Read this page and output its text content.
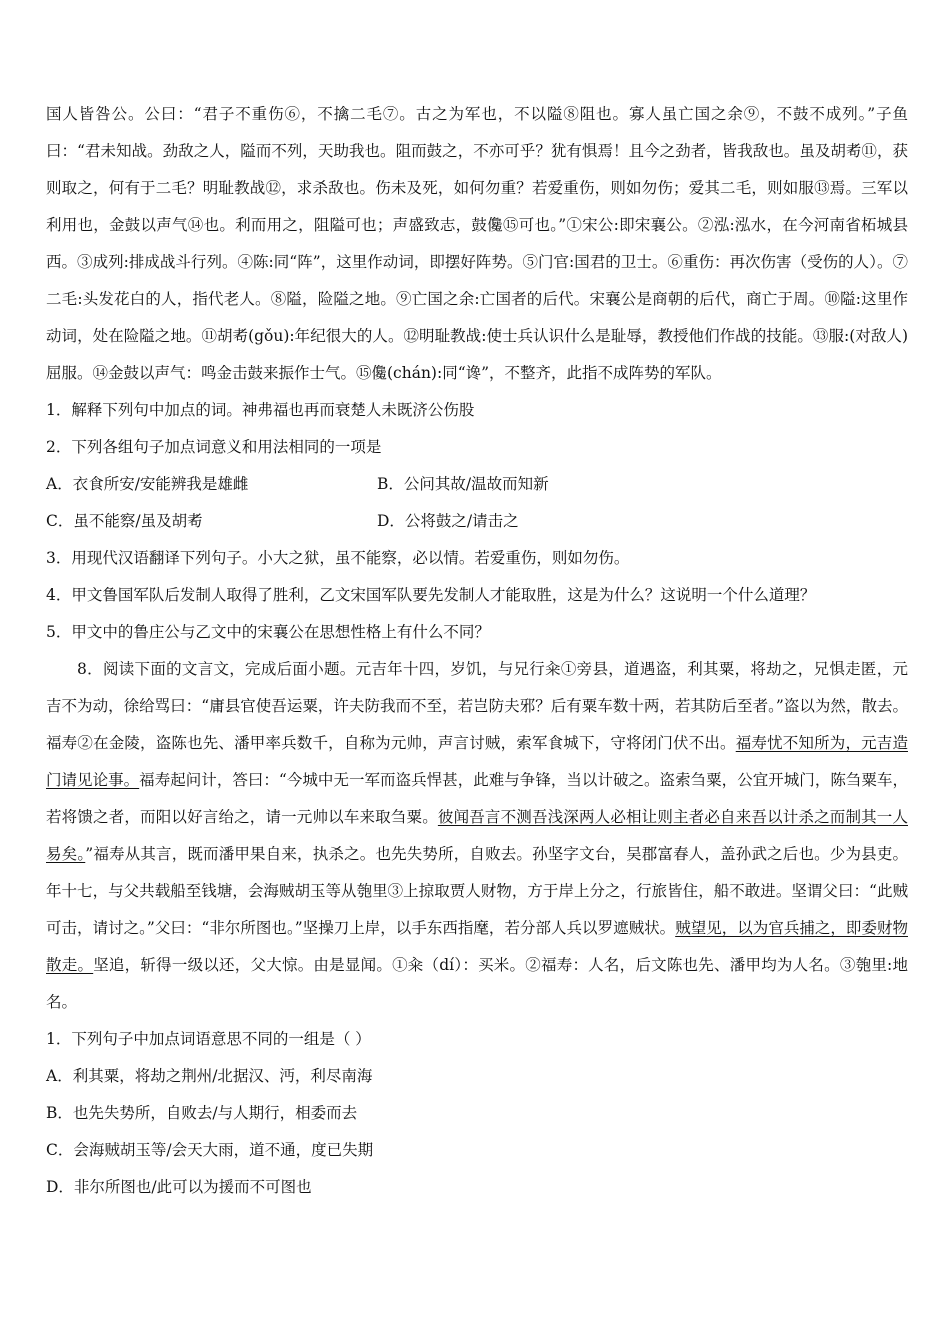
国人皆咎公。公曰：“君子不重伤⑥，不擒二毛⑦。古之为军也，不以隘⑧阻也。寡人虽亡国之余⑨，不鼓不成列。”子鱼曰：“君未知战。劲敌之人，隘而不列，天助我也。阻而鼓之，不亦可乎？犹有惧焉！且今之劲者，皆我敌也。虽及胡耇⑪，获则取之，何有于二毛？明耻教战⑫，求杀敌也。伤未及死，如何勿重？若爱重伤，则如勿伤；爱其二毛，则如服⑬焉。三军以利用也，金鼓以声气⑭也。利而用之，阻隘可也；声盛致志，鼓儳⑮可也。”①宋公:即宋襄公。②泓:泓水，在今河南省柘城县西。③成列:排成战斗行列。④陈:同“阵”，这里作动词，即摆好阵势。⑤门官:国君的卫士。⑥重伤：再次伤害（受伤的人）。⑦二毛:头发花白的人，指代老人。⑧隘，险隘之地。⑨亡国之余:亡国者的后代。宋襄公是商朝的后代，商亡于周。⑩隘:这里作动词，处在险隘之地。⑪胡耇(gǒu):年纪很大的人。⑫明耻教战:使士兵认识什么是耻辱，教授他们作战的技能。⑬服:(对敌人)屈服。⑭金鼓以声气：鸣金击鼓来振作士气。⑮儳(chán):同“谗”，不整齐，此指不成阵势的军队。

1．解释下列句中加点的词。神弗福也再而衰楚人未既济公伤股

2．下列各组句子加点词意义和用法相同的一项是

A．衣食所安/安能辨我是雄雌	B．公问其故/温故而知新
C．虽不能察/虽及胡耇	D．公将鼓之/请击之

3．用现代汉语翻译下列句子。小大之狱，虽不能察，必以情。若爱重伤，则如勿伤。

4．甲文鲁国军队后发制人取得了胜利，乙文宋国军队要先发制人才能取胜，这是为什么？这说明一个什么道理？

5．甲文中的鲁庄公与乙文中的宋襄公在思想性格上有什么不同？

8．阅读下面的文言文，完成后面小题。元吉年十四，岁饥，与兄行籴①旁县，道遇盗，利其粟，将劫之，兄惧走匿，元吉不为动，徐给骂曰：“庸县官使吾运粟，许夫防我而不至，若岂防夫邪？后有粟车数十两，若其防后至者。”盗以为然，散去。福寿②在金陵，盗陈也先、潘甲率兵数千，自称为元帅，声言讨贼，索军食城下，守将闭门伏不出。福寿忧不知所为，元吉造门请见论事。福寿起问计，答曰：“今城中无一军而盗兵悍甚，此难与争锋，当以计破之。盗索刍粟，公宜开城门，陈刍粟车，若将馈之者，而阳以好言绐之，请一元帅以车来取刍粟。彼闻吾言不测吾浅深两人必相让则主者必自来吾以计杀之而制其一人易矣。”福寿从其言，既而潘甲果自来，执杀之。也先失势所，自败去。孙坚字文台，吴郡富春人，盖孙武之后也。少为县吏。年十七，与父共载船至钱塘，会海贼胡玉等从匏里③上掠取贾人财物，方于岸上分之，行旅皆住，船不敢进。坚谓父曰：“此贼可击，请讨之。”父曰：“非尔所图也。”坚操刀上岸，以手东西指麾，若分部人兵以罗遮贼状。贼望见，以为官兵捕之，即委财物散走。坚追，斩得一级以还，父大惊。由是显闻。①籴（dí）：买米。②福寿：人名，后文陈也先、潘甲均为人名。③匏里:地名。

1．下列句子中加点词语意思不同的一组是（ ）

A．利其粟，将劫之荆州/北据汉、沔，利尽南海

B．也先失势所，自败去/与人期行，相委而去

C．会海贼胡玉等/会天大雨，道不通，度已失期

D．非尔所图也/此可以为援而不可图也
